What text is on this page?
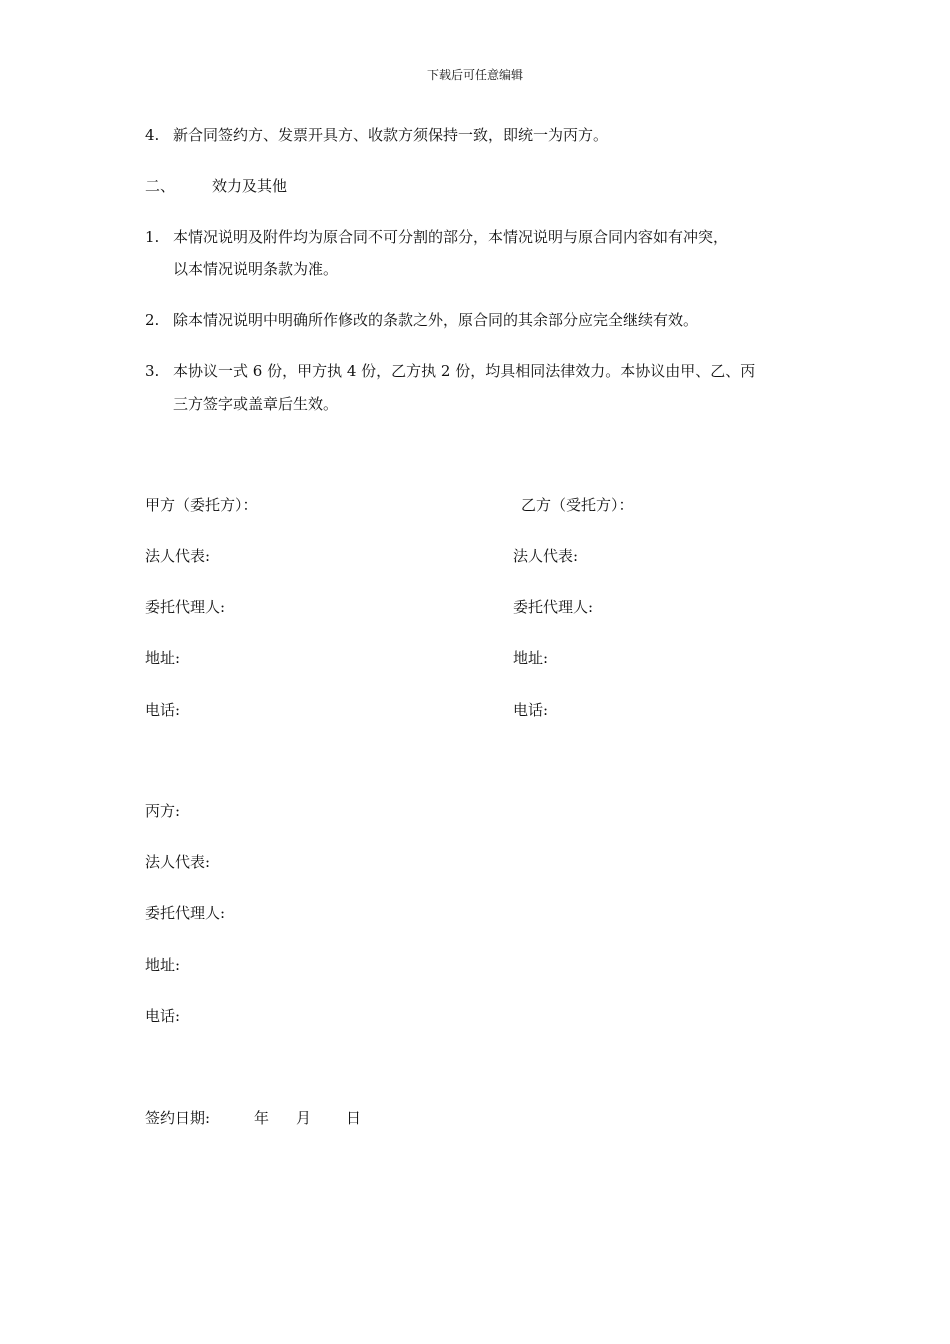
下载后可任意编辑
4. 新合同签约方、发票开具方、收款方须保持一致，即统一为丙方。
二、 效力及其他
1. 本情况说明及附件均为原合同不可分割的部分，本情况说明与原合同内容如有冲突，
以本情况说明条款为准。
2. 除本情况说明中明确所作修改的条款之外，原合同的其余部分应完全继续有效。
3. 本协议一式 6 份，甲方执 4 份，乙方执 2 份，均具相同法律效力。本协议由甲、乙、丙
三方签字或盖章后生效。
甲方（委托方）：
法人代表:
委托代理人:
地址:
电话:
乙方（受托方）：
法人代表:
委托代理人:
地址:
电话:
丙方:
法人代表:
委托代理人:
地址:
电话:
签约日期:	年 月 日
